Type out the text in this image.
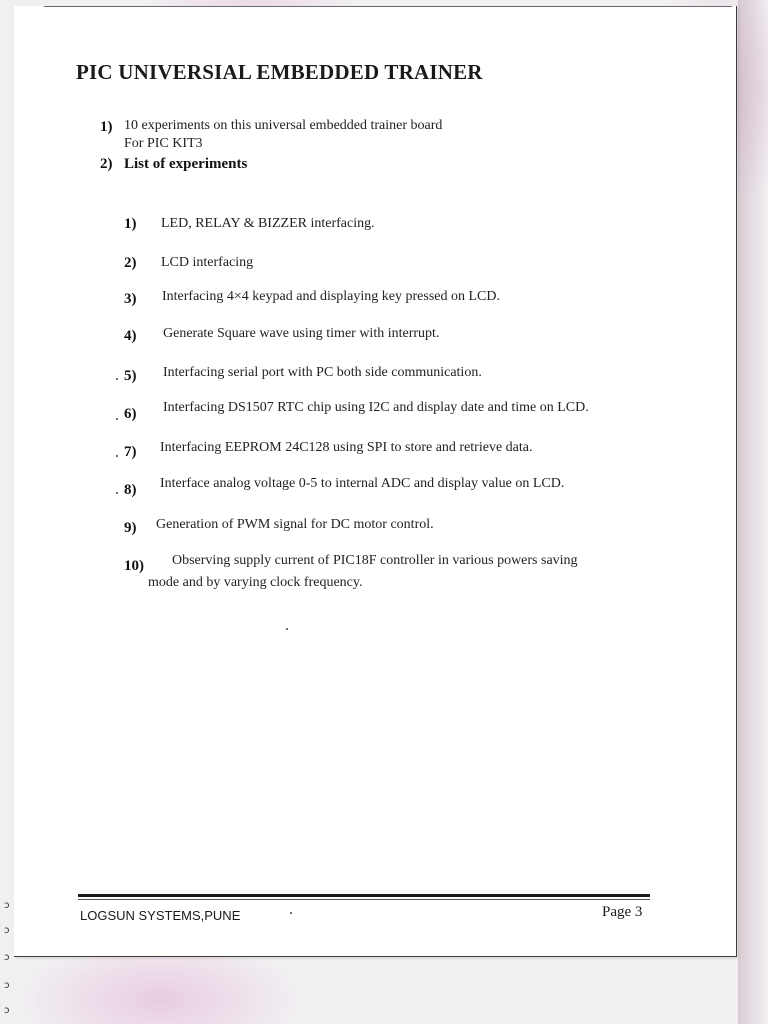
PIC UNIVERSIAL EMBEDDED TRAINER
1) 10 experiments on this universal embedded trainer board
For PIC KIT3
2) List of experiments
1) LED, RELAY & BIZZER interfacing.
2) LCD interfacing
3) Interfacing 4×4 keypad and displaying key pressed on LCD.
4) Generate Square wave using timer with interrupt.
5) Interfacing serial port with PC both side communication.
6) Interfacing DS1507 RTC chip using I2C and display date and time on LCD.
7) Interfacing EEPROM 24C128 using SPI to store and retrieve data.
8) Interface analog voltage 0-5 to internal ADC and display value on LCD.
9) Generation of PWM signal for DC motor control.
10) Observing supply current of PIC18F controller in various powers saving
mode and by varying clock frequency.
LOGSUN SYSTEMS,PUNE	Page 3
ɔ
ɔ
ɔ
ɔ
ɔ
